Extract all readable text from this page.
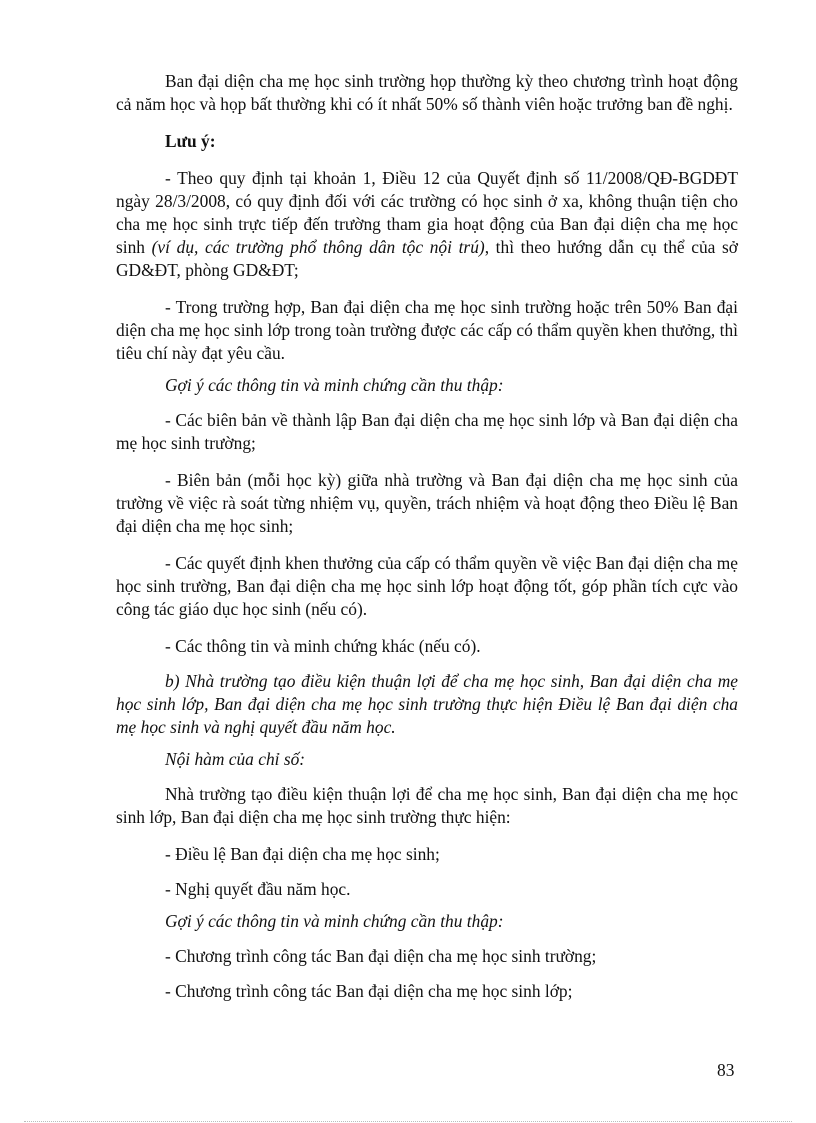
Ban đại diện cha mẹ học sinh trường họp thường kỳ theo chương trình hoạt động cả năm học và họp bất thường khi có ít nhất 50% số thành viên hoặc trưởng ban đề nghị.

Lưu ý:

- Theo quy định tại khoản 1, Điều 12 của Quyết định số 11/2008/QĐ-BGDĐT ngày 28/3/2008, có quy định đối với các trường có học sinh ở xa, không thuận tiện cho cha mẹ học sinh trực tiếp đến trường tham gia hoạt động của Ban đại diện cha mẹ học sinh (ví dụ, các trường phổ thông dân tộc nội trú), thì theo hướng dẫn cụ thể của sở GD&ĐT, phòng GD&ĐT;

- Trong trường hợp, Ban đại diện cha mẹ học sinh trường hoặc trên 50% Ban đại diện cha mẹ học sinh lớp trong toàn trường được các cấp có thẩm quyền khen thưởng, thì tiêu chí này đạt yêu cầu.

Gợi ý các thông tin và minh chứng cần thu thập:

- Các biên bản về thành lập Ban đại diện cha mẹ học sinh lớp và Ban đại diện cha mẹ học sinh trường;

- Biên bản (mỗi học kỳ) giữa nhà trường và Ban đại diện cha mẹ học sinh của trường về việc rà soát từng nhiệm vụ, quyền, trách nhiệm và hoạt động theo Điều lệ Ban đại diện cha mẹ học sinh;

- Các quyết định khen thưởng của cấp có thẩm quyền về việc Ban đại diện cha mẹ học sinh trường, Ban đại diện cha mẹ học sinh lớp hoạt động tốt, góp phần tích cực vào công tác giáo dục học sinh (nếu có).

- Các thông tin và minh chứng khác (nếu có).

b) Nhà trường tạo điều kiện thuận lợi để cha mẹ học sinh, Ban đại diện cha mẹ học sinh lớp, Ban đại diện cha mẹ học sinh trường thực hiện Điều lệ Ban đại diện cha mẹ học sinh và nghị quyết đầu năm học.

Nội hàm của chỉ số:

Nhà trường tạo điều kiện thuận lợi để cha mẹ học sinh, Ban đại diện cha mẹ học sinh lớp, Ban đại diện cha mẹ học sinh trường thực hiện:

- Điều lệ Ban đại diện cha mẹ học sinh;

- Nghị quyết đầu năm học.

Gợi ý các thông tin và minh chứng cần thu thập:

- Chương trình công tác Ban đại diện cha mẹ học sinh trường;

- Chương trình công tác Ban đại diện cha mẹ học sinh lớp;

83
